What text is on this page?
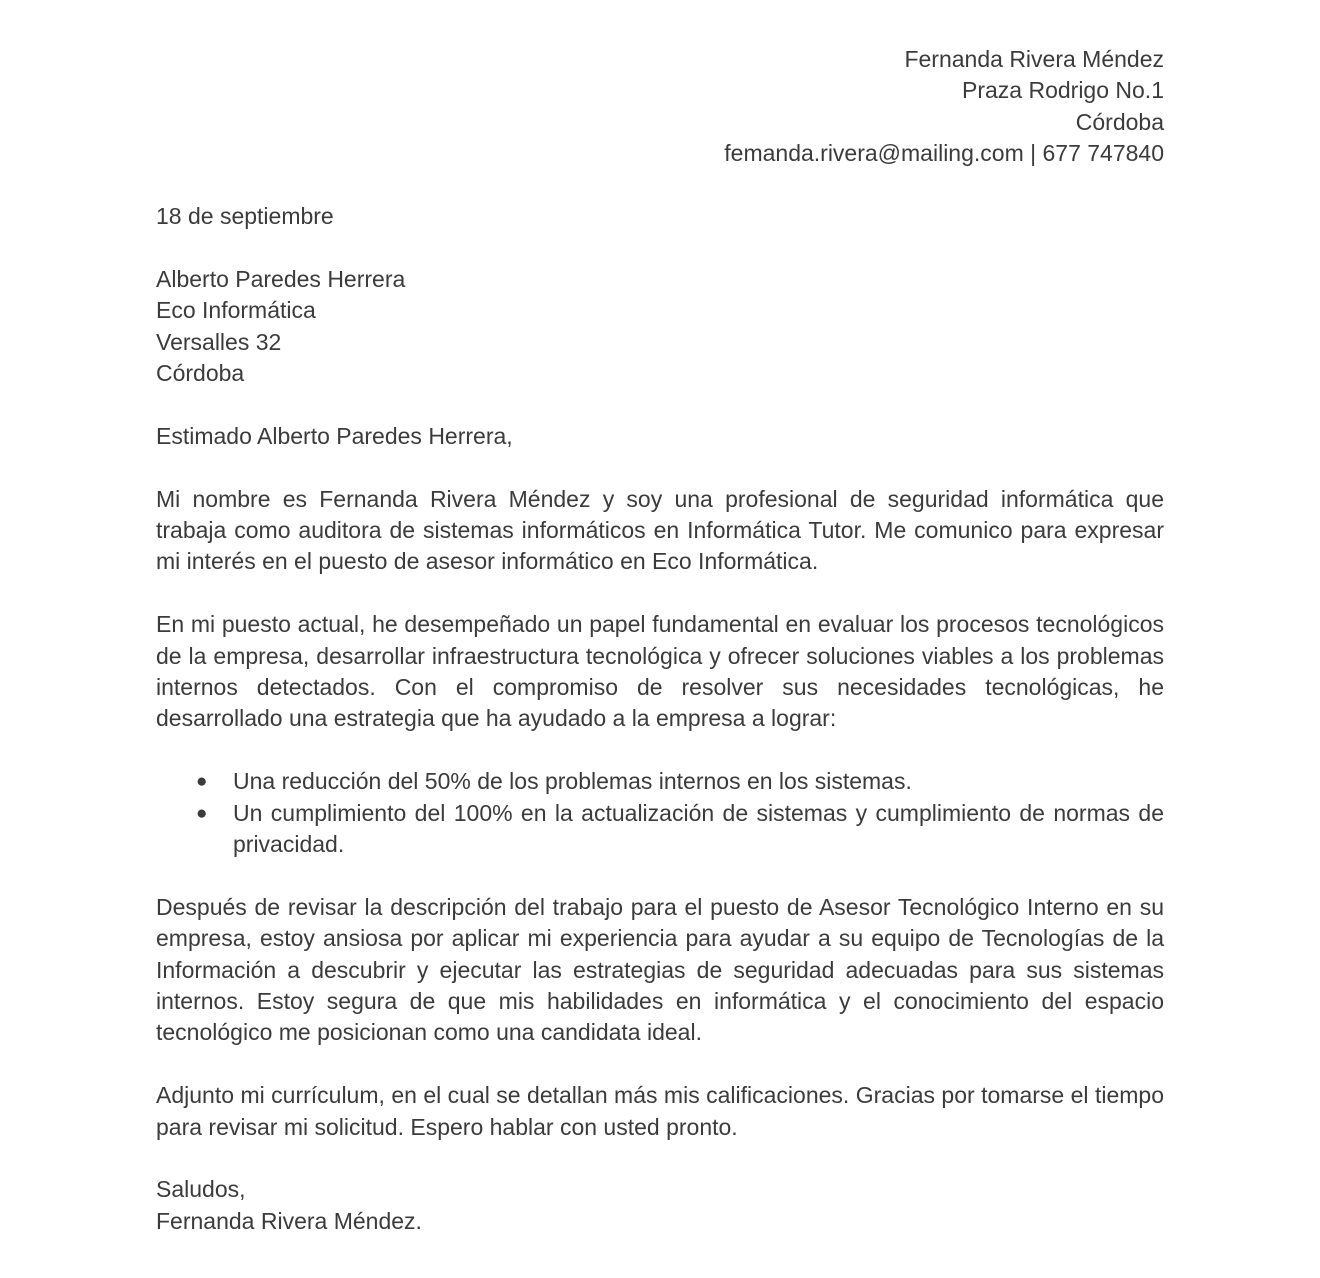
Fernanda Rivera Méndez
Praza Rodrigo No.1
Córdoba
femanda.rivera@mailing.com | 677 747840
18 de septiembre
Alberto Paredes Herrera
Eco Informática
Versalles 32
Córdoba
Estimado Alberto Paredes Herrera,

Mi nombre es Fernanda Rivera Méndez y soy una profesional de seguridad informática que trabaja como auditora de sistemas informáticos en Informática Tutor. Me comunico para expresar mi interés en el puesto de asesor informático en Eco Informática.

En mi puesto actual, he desempeñado un papel fundamental en evaluar los procesos tecnológicos de la empresa, desarrollar infraestructura tecnológica y ofrecer soluciones viables a los problemas internos detectados. Con el compromiso de resolver sus necesidades tecnológicas, he desarrollado una estrategia que ha ayudado a la empresa a lograr:

● Una reducción del 50% de los problemas internos en los sistemas.
● Un cumplimiento del 100% en la actualización de sistemas y cumplimiento de normas de privacidad.

Después de revisar la descripción del trabajo para el puesto de Asesor Tecnológico Interno en su empresa, estoy ansiosa por aplicar mi experiencia para ayudar a su equipo de Tecnologías de la Información a descubrir y ejecutar las estrategias de seguridad adecuadas para sus sistemas internos. Estoy segura de que mis habilidades en informática y el conocimiento del espacio tecnológico me posicionan como una candidata ideal.

Adjunto mi currículum, en el cual se detallan más mis calificaciones. Gracias por tomarse el tiempo para revisar mi solicitud. Espero hablar con usted pronto.

Saludos,
Fernanda Rivera Méndez.
